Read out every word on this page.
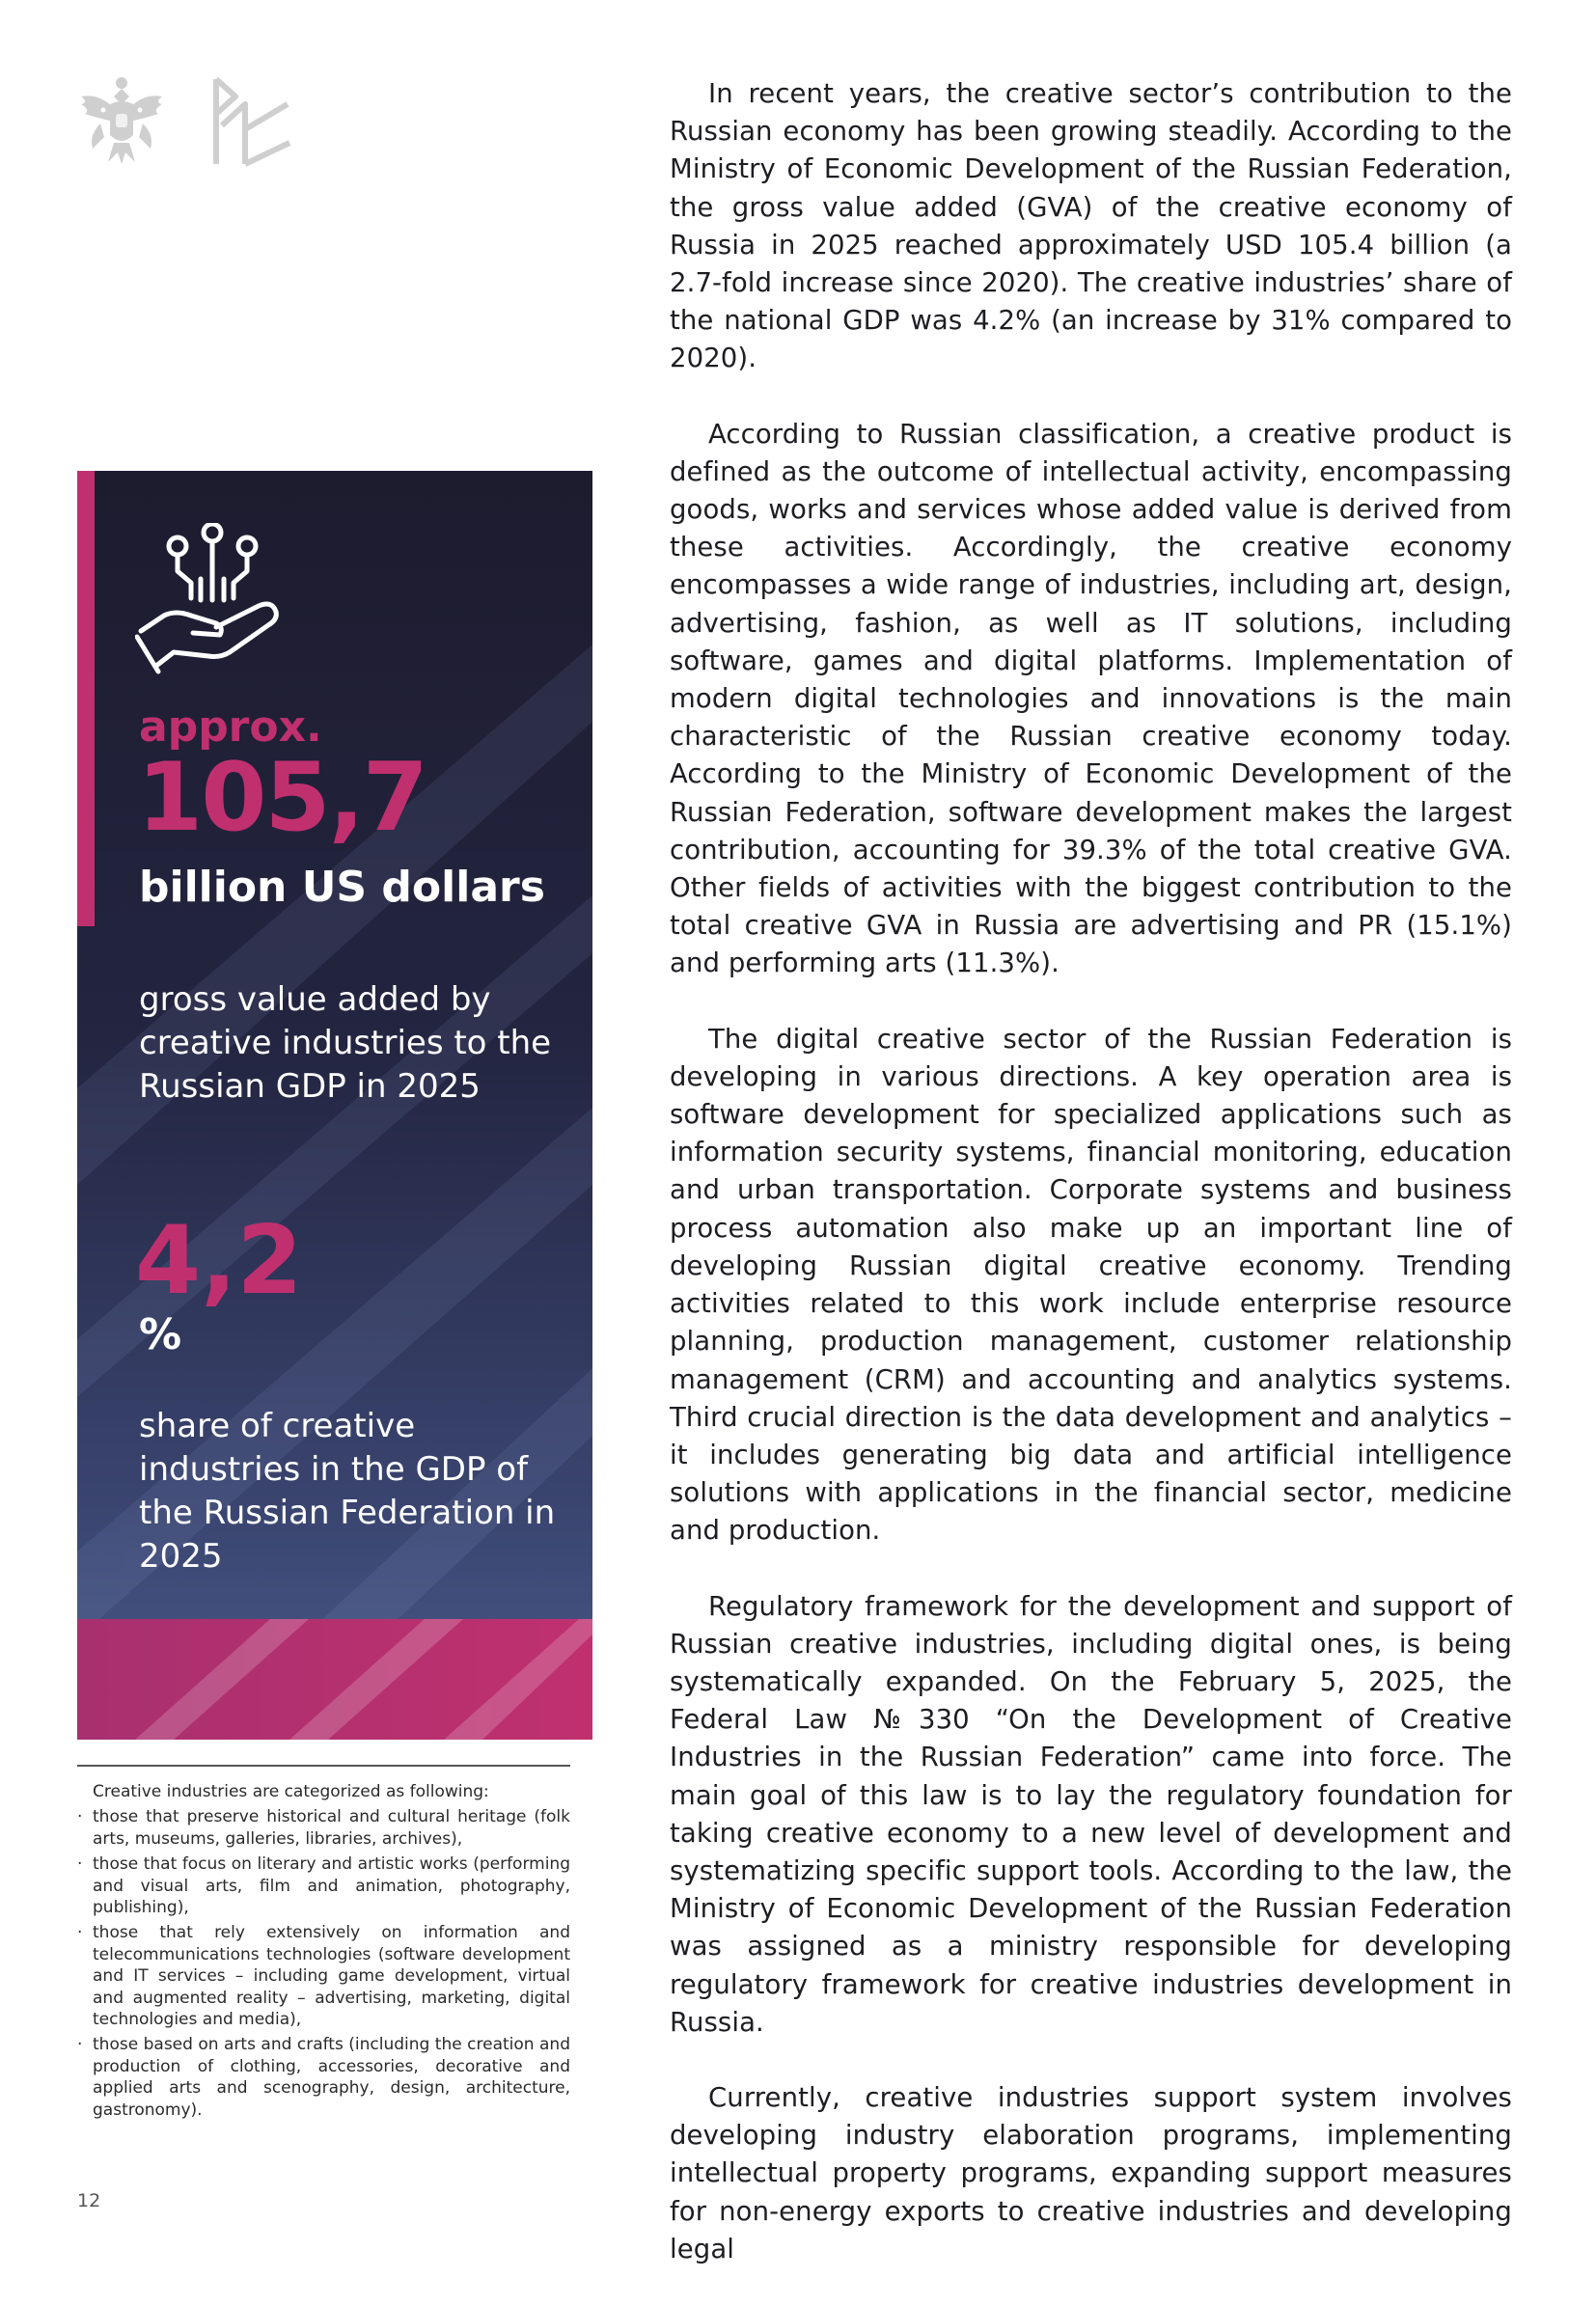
In recent years, the creative sector’s contribution to the Russian economy has been growing steadily. According to the Ministry of Economic Development of the Russian Federation, the gross value added (GVA) of the creative economy of Russia in 2025 reached approximately USD 105.4 billion (a 2.7-fold increase since 2020). The creative industries’ share of the national GDP was 4.2% (an increase by 31% compared to 2020).

According to Russian classification, a creative product is defined as the outcome of intellectual activity, encompassing goods, works and services whose added value is derived from these activities. Accordingly, the creative economy encompasses a wide range of industries, including art, design, advertising, fashion, as well as IT solutions, including software, games and digital platforms. Implementation of modern digital technologies and innovations is the main characteristic of the Russian creative economy today. According to the Ministry of Economic Development of the Russian Federation, software development makes the largest contribution, accounting for 39.3% of the total creative GVA. Other fields of activities with the biggest contribution to the total creative GVA in Russia are advertising and PR (15.1%) and performing arts (11.3%).

The digital creative sector of the Russian Federation is developing in various directions. A key operation area is software development for specialized applications such as information security systems, financial monitoring, education and urban transportation. Corporate systems and business process automation also make up an important line of developing Russian digital creative economy. Trending activities related to this work include enterprise resource planning, production management, customer relationship management (CRM) and accounting and analytics systems. Third crucial direction is the data development and analytics – it includes generating big data and artificial intelligence solutions with applications in the financial sector, medicine and production.

Regulatory framework for the development and support of Russian creative industries, including digital ones, is being systematically expanded. On the February 5, 2025, the Federal Law №330 “On the Development of Creative Industries in the Russian Federation” came into force. The main goal of this law is to lay the regulatory foundation for taking creative economy to a new level of development and systematizing specific support tools. According to the law, the Ministry of Economic Development of the Russian Federation was assigned as a ministry responsible for developing regulatory framework for creative industries development in Russia.

Currently, creative industries support system involves developing industry elaboration programs, implementing intellectual property programs, expanding support measures for non-energy exports to creative industries and developing legal

approx.
105,7
billion US dollars
gross value added by creative industries to the Russian GDP in 2025
4,2
%
share of creative industries in the GDP of the Russian Federation in 2025

Creative industries are categorized as following:

· those that preserve historical and cultural heritage (folk arts, museums, galleries, libraries, archives),
· those that focus on literary and artistic works (performing and visual arts, film and animation, photography, publishing),
· those that rely extensively on information and telecommunications technologies (software development and IT services – including game development, virtual and augmented reality – advertising, marketing, digital technologies and media),
· those based on arts and crafts (including the creation and production of clothing, accessories, decorative and applied arts and scenography, design, architecture, gastronomy).
12
